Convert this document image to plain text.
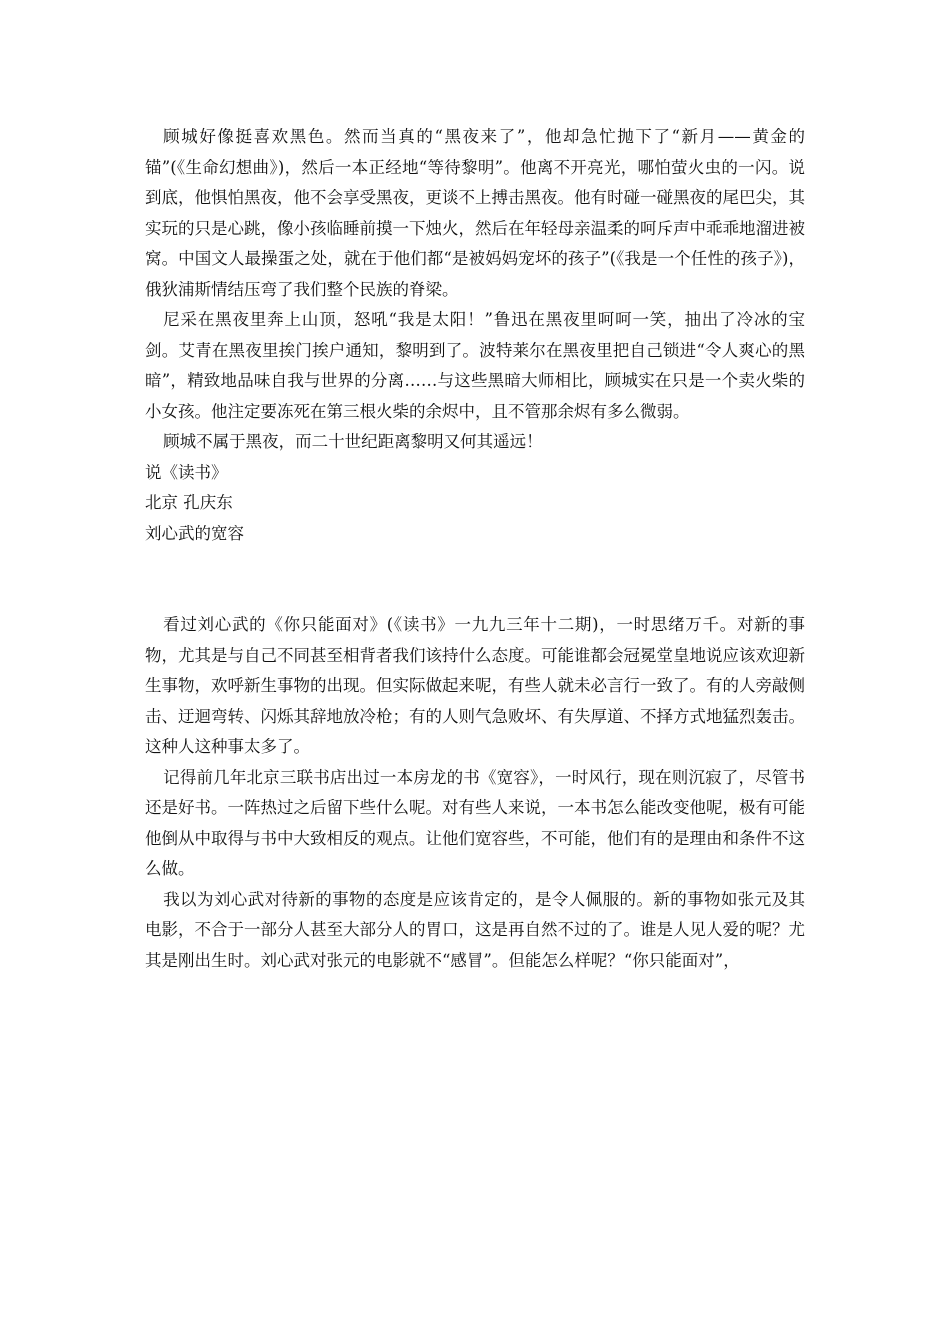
顾城好像挺喜欢黑色。然而当真的“黑夜来了”，他却急忙抛下了“新月——黄金的锚”(《生命幻想曲》)，然后一本正经地“等待黎明”。他离不开亮光，哪怕萤火虫的一闪。说到底，他惧怕黑夜，他不会享受黑夜，更谈不上搏击黑夜。他有时碰一碰黑夜的尾巴尖，其实玩的只是心跳，像小孩临睡前摸一下烛火，然后在年轻母亲温柔的呵斥声中乖乖地溜进被窝。中国文人最操蛋之处，就在于他们都“是被妈妈宠坏的孩子”(《我是一个任性的孩子》)，俄狄浦斯情结压弯了我们整个民族的脊梁。

尼采在黑夜里奔上山顶，怒吼“我是太阳！”鲁迅在黑夜里呵呵一笑，抽出了冷冰的宝剑。艾青在黑夜里挨门挨户通知，黎明到了。波特莱尔在黑夜里把自己锁进“令人爽心的黑暗”，精致地品味自我与世界的分离……与这些黑暗大师相比，顾城实在只是一个卖火柴的小女孩。他注定要冻死在第三根火柴的余烬中，且不管那余烬有多么微弱。

顾城不属于黑夜，而二十世纪距离黎明又何其遥远！

说《读书》

北京 孔庆东

刘心武的宽容

看过刘心武的《你只能面对》(《读书》一九九三年十二期)，一时思绪万千。对新的事物，尤其是与自己不同甚至相背者我们该持什么态度。可能谁都会冠冕堂皇地说应该欢迎新生事物，欢呼新生事物的出现。但实际做起来呢，有些人就未必言行一致了。有的人旁敲侧击、迂迴弯转、闪烁其辞地放冷枪；有的人则气急败坏、有失厚道、不择方式地猛烈轰击。这种人这种事太多了。

记得前几年北京三联书店出过一本房龙的书《宽容》，一时风行，现在则沉寂了，尽管书还是好书。一阵热过之后留下些什么呢。对有些人来说，一本书怎么能改变他呢，极有可能他倒从中取得与书中大致相反的观点。让他们宽容些，不可能，他们有的是理由和条件不这么做。

我以为刘心武对待新的事物的态度是应该肯定的，是令人佩服的。新的事物如张元及其电影，不合于一部分人甚至大部分人的胃口，这是再自然不过的了。谁是人见人爱的呢？尤其是刚出生时。刘心武对张元的电影就不“感冒”。但能怎么样呢？“你只能面对”，
